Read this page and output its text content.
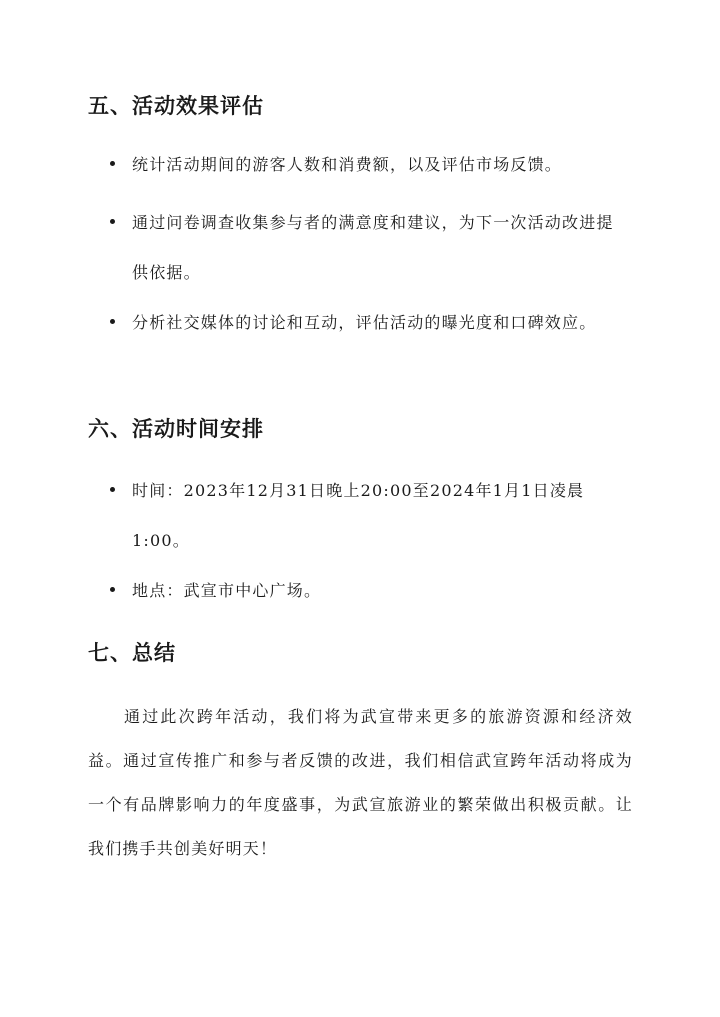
五、活动效果评估
统计活动期间的游客人数和消费额，以及评估市场反馈。
通过问卷调查收集参与者的满意度和建议，为下一次活动改进提供依据。
分析社交媒体的讨论和互动，评估活动的曝光度和口碑效应。
六、活动时间安排
时间：2023年12月31日晚上20:00至2024年1月1日凌晨1:00。
地点：武宣市中心广场。
七、总结

通过此次跨年活动，我们将为武宣带来更多的旅游资源和经济效益。通过宣传推广和参与者反馈的改进，我们相信武宣跨年活动将成为一个有品牌影响力的年度盛事，为武宣旅游业的繁荣做出积极贡献。让我们携手共创美好明天！
